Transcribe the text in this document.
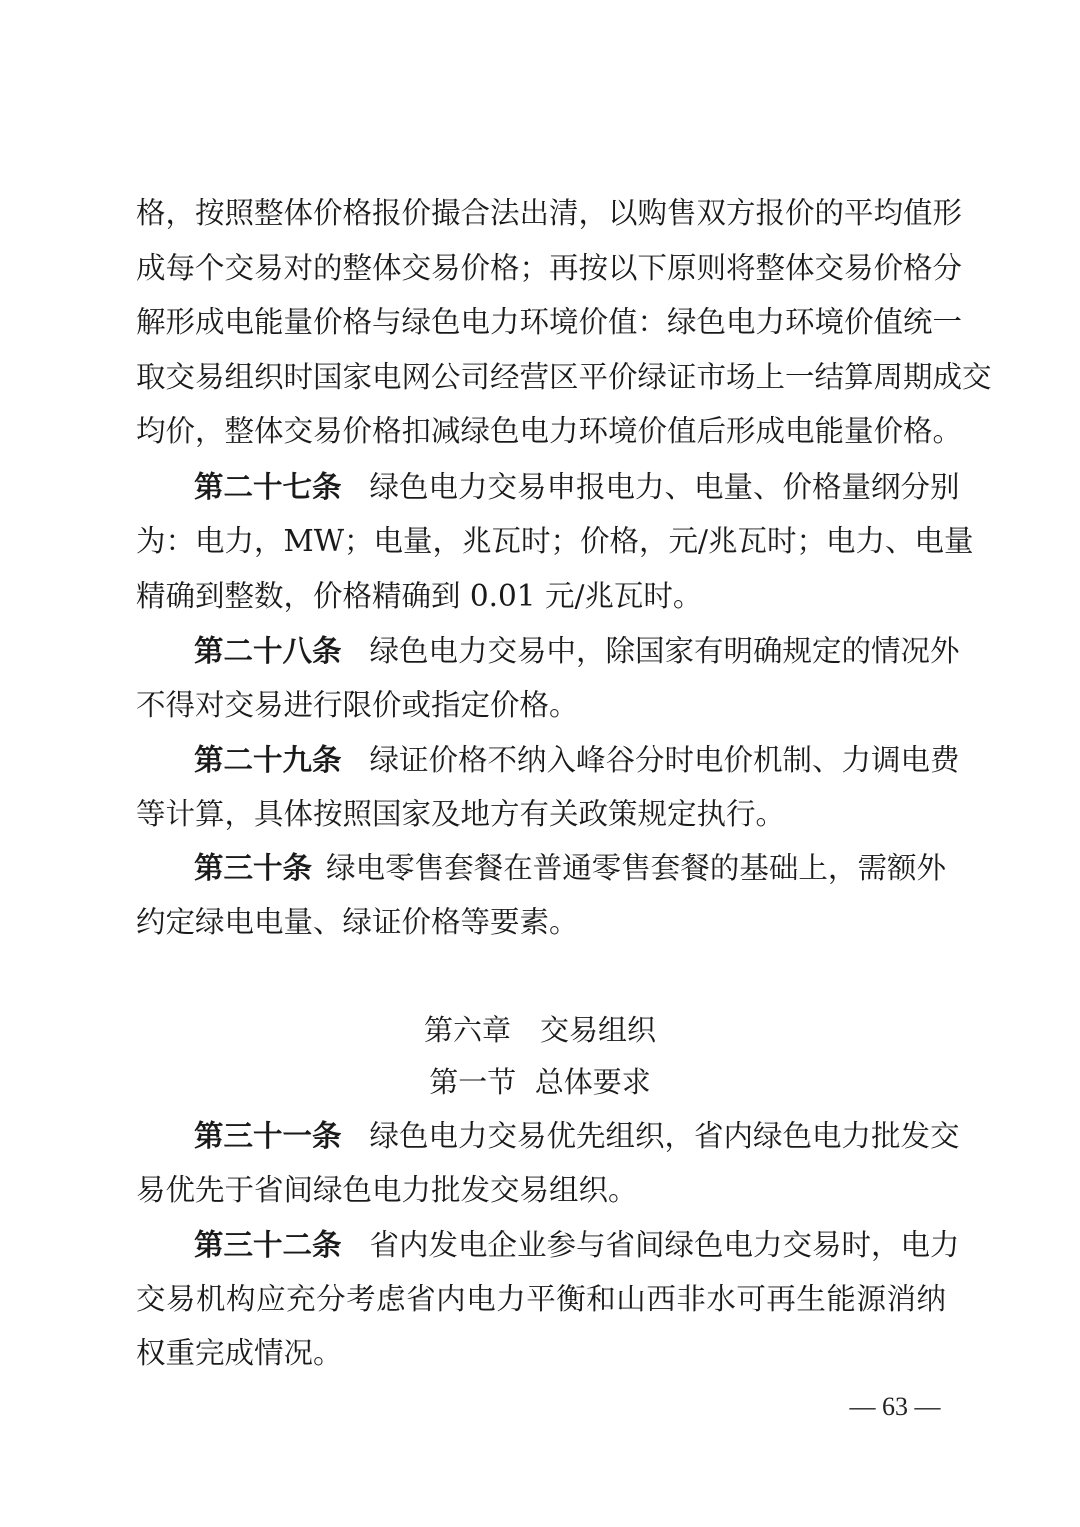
格，按照整体价格报价撮合法出清，以购售双方报价的平均值形
成每个交易对的整体交易价格；再按以下原则将整体交易价格分
解形成电能量价格与绿色电力环境价值：绿色电力环境价值统一
取交易组织时国家电网公司经营区平价绿证市场上一结算周期成交
均价，整体交易价格扣减绿色电力环境价值后形成电能量价格。
第二十七条 绿色电力交易申报电力、电量、价格量纲分别
为：电力，MW；电量，兆瓦时；价格，元/兆瓦时；电力、电量
精确到整数，价格精确到 0.01 元/兆瓦时。
第二十八条 绿色电力交易中，除国家有明确规定的情况外
不得对交易进行限价或指定价格。
第二十九条 绿证价格不纳入峰谷分时电价机制、力调电费
等计算，具体按照国家及地方有关政策规定执行。
第三十条 绿电零售套餐在普通零售套餐的基础上，需额外
约定绿电电量、绿证价格等要素。
第六章　交易组织
第一节  总体要求
第三十一条 绿色电力交易优先组织，省内绿色电力批发交
易优先于省间绿色电力批发交易组织。
第三十二条 省内发电企业参与省间绿色电力交易时，电力
交易机构应充分考虑省内电力平衡和山西非水可再生能源消纳
权重完成情况。
— 63 —
